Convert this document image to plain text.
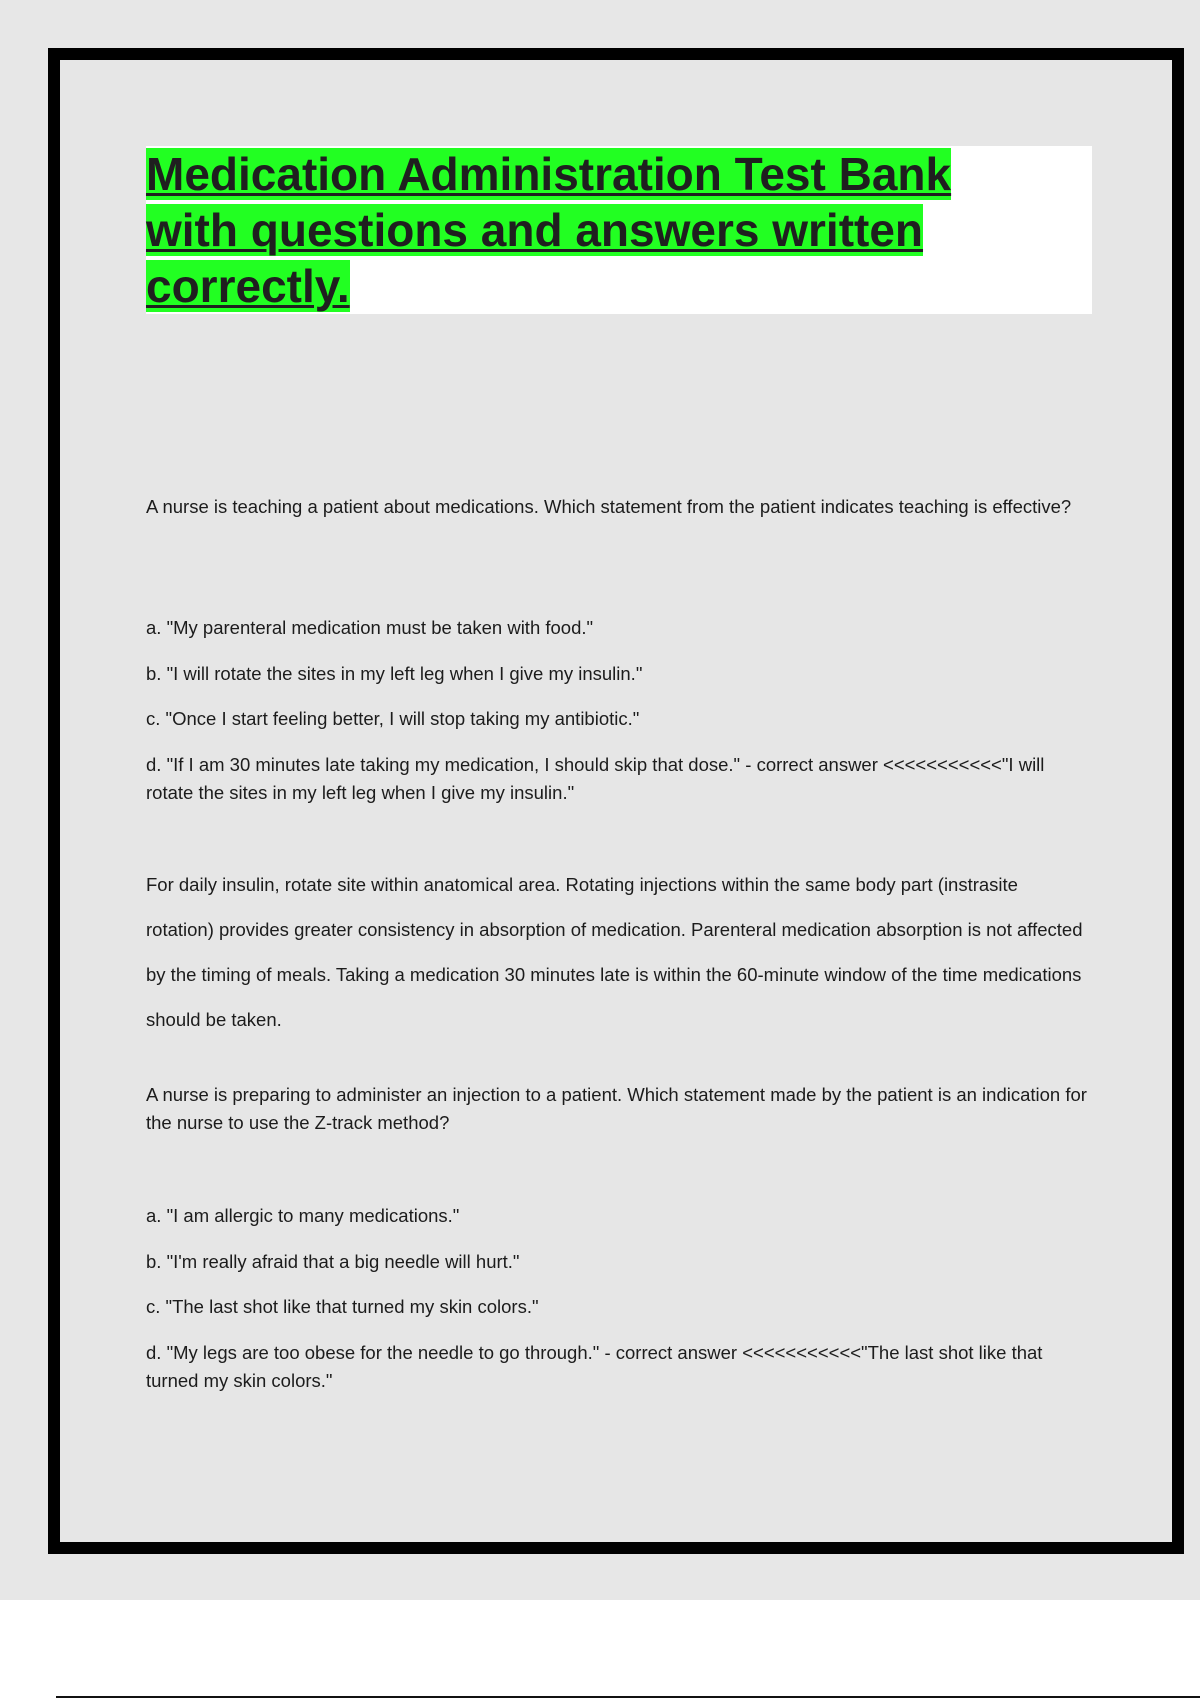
Medication Administration Test Bank with questions and answers written correctly.

A nurse is teaching a patient about medications. Which statement from the patient indicates teaching is effective?

a. "My parenteral medication must be taken with food."

b. "I will rotate the sites in my left leg when I give my insulin."

c. "Once I start feeling better, I will stop taking my antibiotic."

d. "If I am 30 minutes late taking my medication, I should skip that dose." - correct answer <<<<<<<<<<<"I will rotate the sites in my left leg when I give my insulin."

For daily insulin, rotate site within anatomical area. Rotating injections within the same body part (instrasite rotation) provides greater consistency in absorption of medication. Parenteral medication absorption is not affected by the timing of meals. Taking a medication 30 minutes late is within the 60-minute window of the time medications should be taken.

A nurse is preparing to administer an injection to a patient. Which statement made by the patient is an indication for the nurse to use the Z-track method?

a. "I am allergic to many medications."

b. "I'm really afraid that a big needle will hurt."

c. "The last shot like that turned my skin colors."

d. "My legs are too obese for the needle to go through." - correct answer <<<<<<<<<<<"The last shot like that turned my skin colors."
